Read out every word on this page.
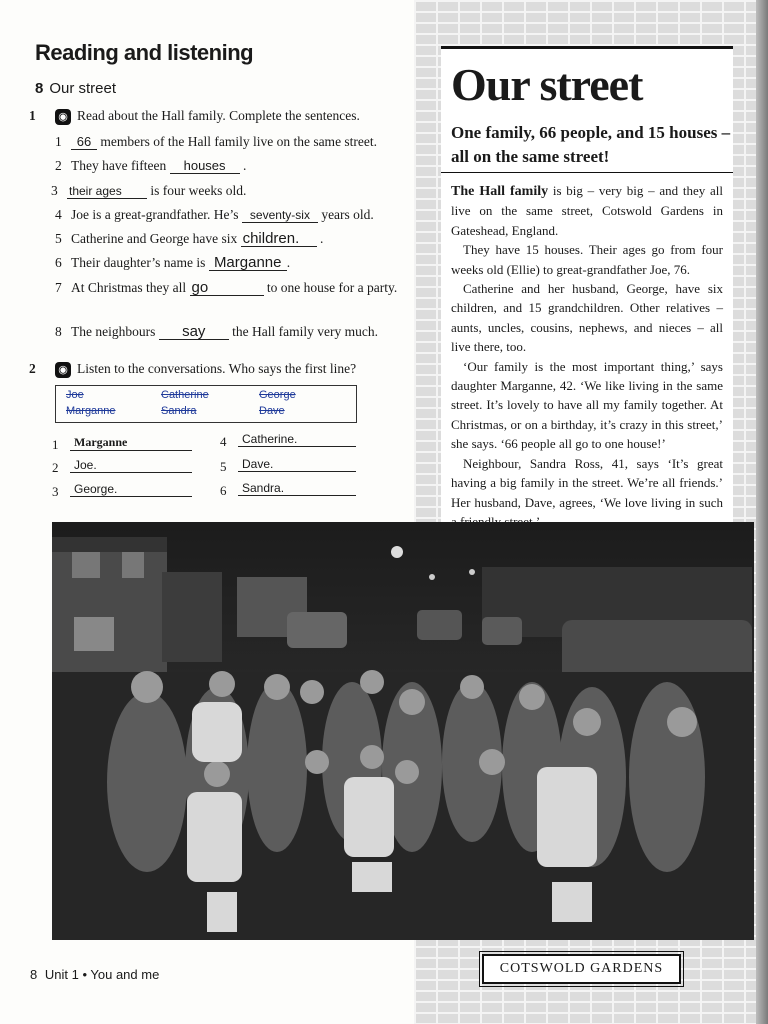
Reading and listening
8 Our street
1 ◉ Read about the Hall family. Complete the sentences.
1 66 members of the Hall family live on the same street.
2 They have fifteen houses .
3 their ages is four weeks old.
4 Joe is a great-grandfather. He’s seventy-six years old.
5 Catherine and George have six children. .
6 Their daughter’s name is Marganne .
7 At Christmas they all go	to one house for a party.
8 The neighbours say the Hall family very much.
2 ◉ Listen to the conversations. Who says the first line?
Joe	Catherine	George
Marganne	Sandra	Dave
1	Marganne
2	Joe.
3	George.
4	Catherine.
5	Dave.
6	Sandra.
Our street
One family, 66 people, and 15 houses – all on the same street!

The Hall family is big – very big – and they all live on the same street, Cotswold Gardens in Gateshead, England.

They have 15 houses. Their ages go from four weeks old (Ellie) to great-grandfather Joe, 76.

Catherine and her husband, George, have six children, and 15 grandchildren. Other relatives – aunts, uncles, cousins, nephews, and nieces – all live there, too.

‘Our family is the most important thing,’ says daughter Marganne, 42. ‘We like living in the same street. It’s lovely to have all my family together. At Christmas, or on a birthday, it’s crazy in this street,’ she says. ‘66 people all go to one house!’

Neighbour, Sandra Ross, 41, says ‘It’s great having a big family in the street. We’re all friends.’ Her husband, Dave, agrees, ‘We love living in such

COTSWOLD GARDENS
8 Unit 1 • You and me
